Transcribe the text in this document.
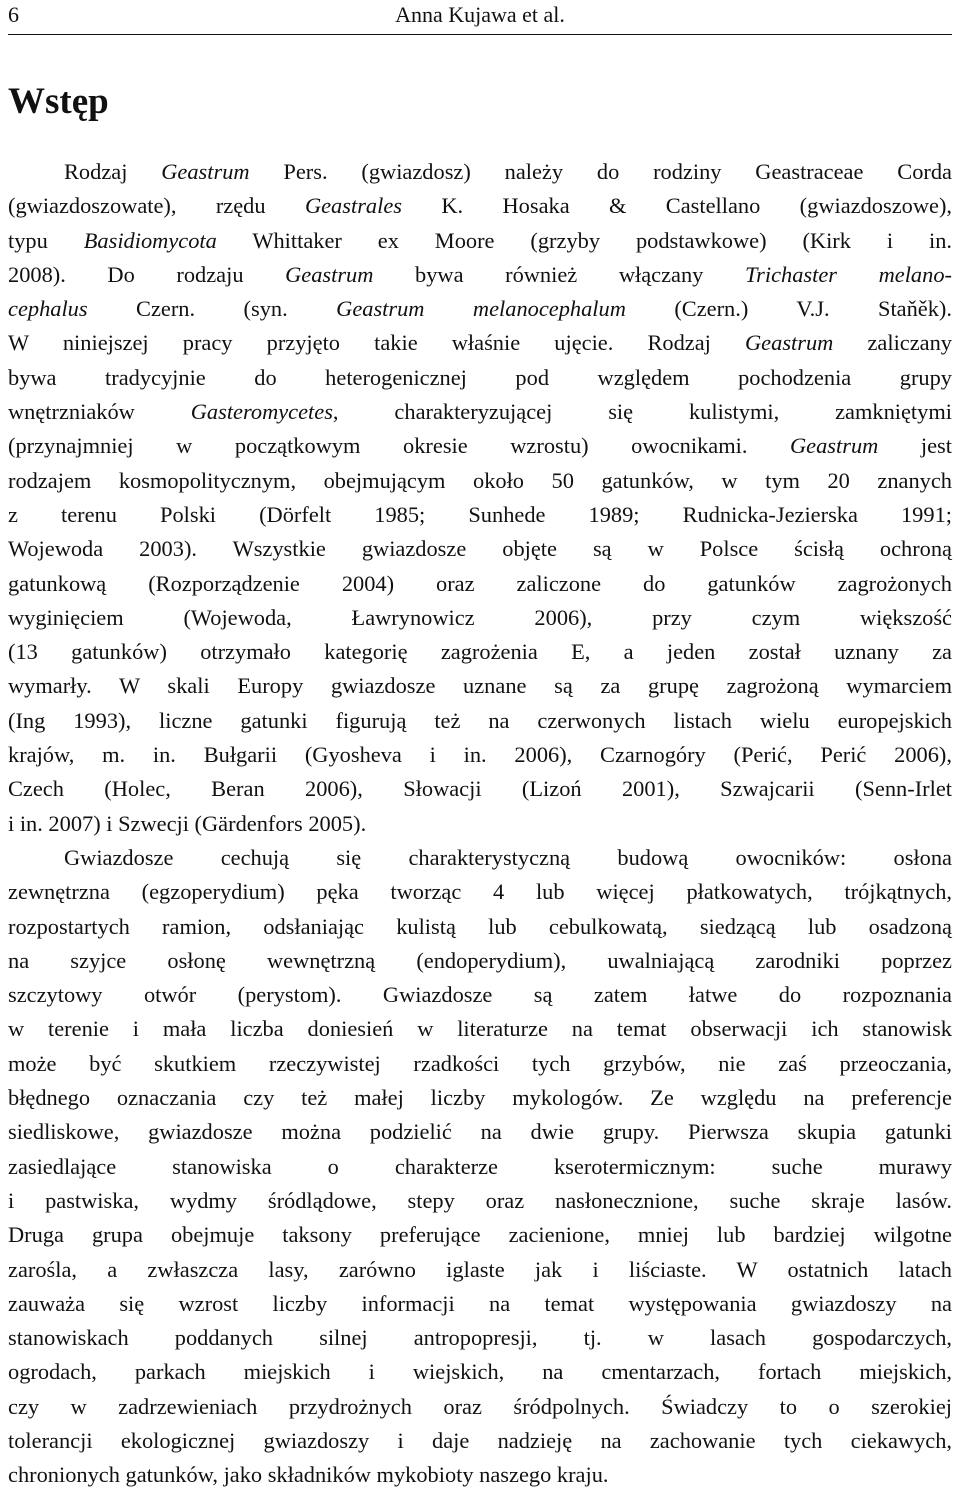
6	Anna Kujawa et al.
Wstęp
Rodzaj Geastrum Pers. (gwiazdosz) należy do rodziny Geastraceae Corda
(gwiazdoszowate), rzędu Geastrales K. Hosaka & Castellano (gwiazdoszowe),
typu Basidiomycota Whittaker ex Moore (grzyby podstawkowe) (Kirk i in.
2008). Do rodzaju Geastrum bywa również włączany Trichaster melano-
cephalus Czern. (syn. Geastrum melanocephalum (Czern.) V.J. Staňěk).
W niniejszej pracy przyjęto takie właśnie ujęcie. Rodzaj Geastrum zaliczany
bywa tradycyjnie do heterogenicznej pod względem pochodzenia grupy
wnętrzniaków Gasteromycetes, charakteryzującej się kulistymi, zamkniętymi
(przynajmniej w początkowym okresie wzrostu) owocnikami. Geastrum jest
rodzajem kosmopolitycznym, obejmującym około 50 gatunków, w tym 20 znanych
z terenu Polski (Dörfelt 1985; Sunhede 1989; Rudnicka-Jezierska 1991;
Wojewoda 2003). Wszystkie gwiazdosze objęte są w Polsce ścisłą ochroną
gatunkową (Rozporządzenie 2004) oraz zaliczone do gatunków zagrożonych
wyginięciem (Wojewoda, Ławrynowicz 2006), przy czym większość
(13 gatunków) otrzymało kategorię zagrożenia E, a jeden został uznany za
wymarły. W skali Europy gwiazdosze uznane są za grupę zagrożoną wymarciem
(Ing 1993), liczne gatunki figurują też na czerwonych listach wielu europejskich
krajów, m. in. Bułgarii (Gyosheva i in. 2006), Czarnogóry (Perić, Perić 2006),
Czech (Holec, Beran 2006), Słowacji (Lizoń 2001), Szwajcarii (Senn-Irlet
i in. 2007) i Szwecji (Gärdenfors 2005).
Gwiazdosze cechują się charakterystyczną budową owocników: osłona
zewnętrzna (egzoperydium) pęka tworząc 4 lub więcej płatkowatych, trójkątnych,
rozpostartych ramion, odsłaniając kulistą lub cebulkowatą, siedzącą lub osadzoną
na szyjce osłonę wewnętrzną (endoperydium), uwalniającą zarodniki poprzez
szczytowy otwór (perystom). Gwiazdosze są zatem łatwe do rozpoznania
w terenie i mała liczba doniesień w literaturze na temat obserwacji ich stanowisk
może być skutkiem rzeczywistej rzadkości tych grzybów, nie zaś przeoczania,
błędnego oznaczania czy też małej liczby mykologów. Ze względu na preferencje
siedliskowe, gwiazdosze można podzielić na dwie grupy. Pierwsza skupia gatunki
zasiedlające stanowiska o charakterze kserotermicznym: suche murawy
i pastwiska, wydmy śródlądowe, stepy oraz nasłonecznione, suche skraje lasów.
Druga grupa obejmuje taksony preferujące zacienione, mniej lub bardziej wilgotne
zarośla, a zwłaszcza lasy, zarówno iglaste jak i liściaste. W ostatnich latach
zauważa się wzrost liczby informacji na temat występowania gwiazdoszy na
stanowiskach poddanych silnej antropopresji, tj. w lasach gospodarczych,
ogrodach, parkach miejskich i wiejskich, na cmentarzach, fortach miejskich,
czy w zadrzewieniach przydrożnych oraz śródpolnych. Świadczy to o szerokiej
tolerancji ekologicznej gwiazdoszy i daje nadzieję na zachowanie tych ciekawych,
chronionych gatunków, jako składników mykobioty naszego kraju.
